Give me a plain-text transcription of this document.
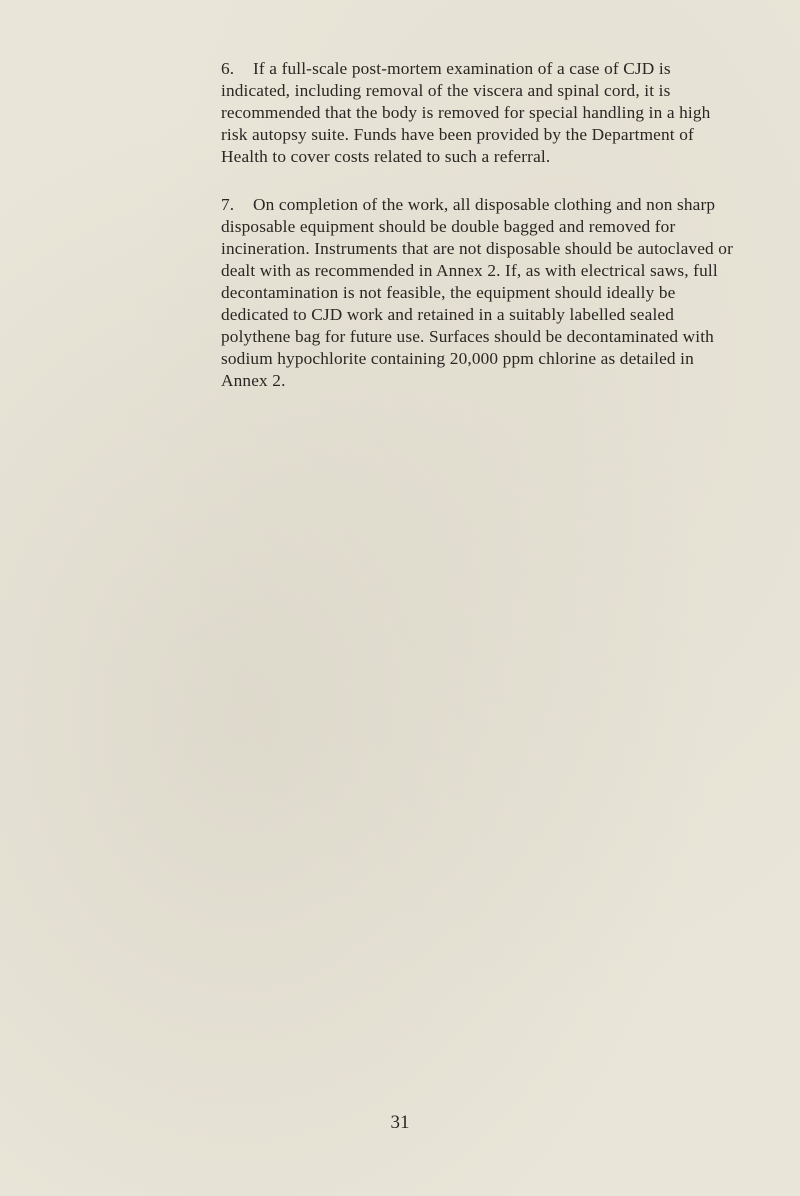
6. If a full-scale post-mortem examination of a case of CJD is indicated, including removal of the viscera and spinal cord, it is recommended that the body is removed for special handling in a high risk autopsy suite. Funds have been provided by the Department of Health to cover costs related to such a referral.

7. On completion of the work, all disposable clothing and non sharp disposable equipment should be double bagged and removed for incineration. Instruments that are not disposable should be autoclaved or dealt with as recommended in Annex 2. If, as with electrical saws, full decontamination is not feasible, the equipment should ideally be dedicated to CJD work and retained in a suitably labelled sealed polythene bag for future use. Surfaces should be decontaminated with sodium hypochlorite containing 20,000 ppm chlorine as detailed in Annex 2.

31
